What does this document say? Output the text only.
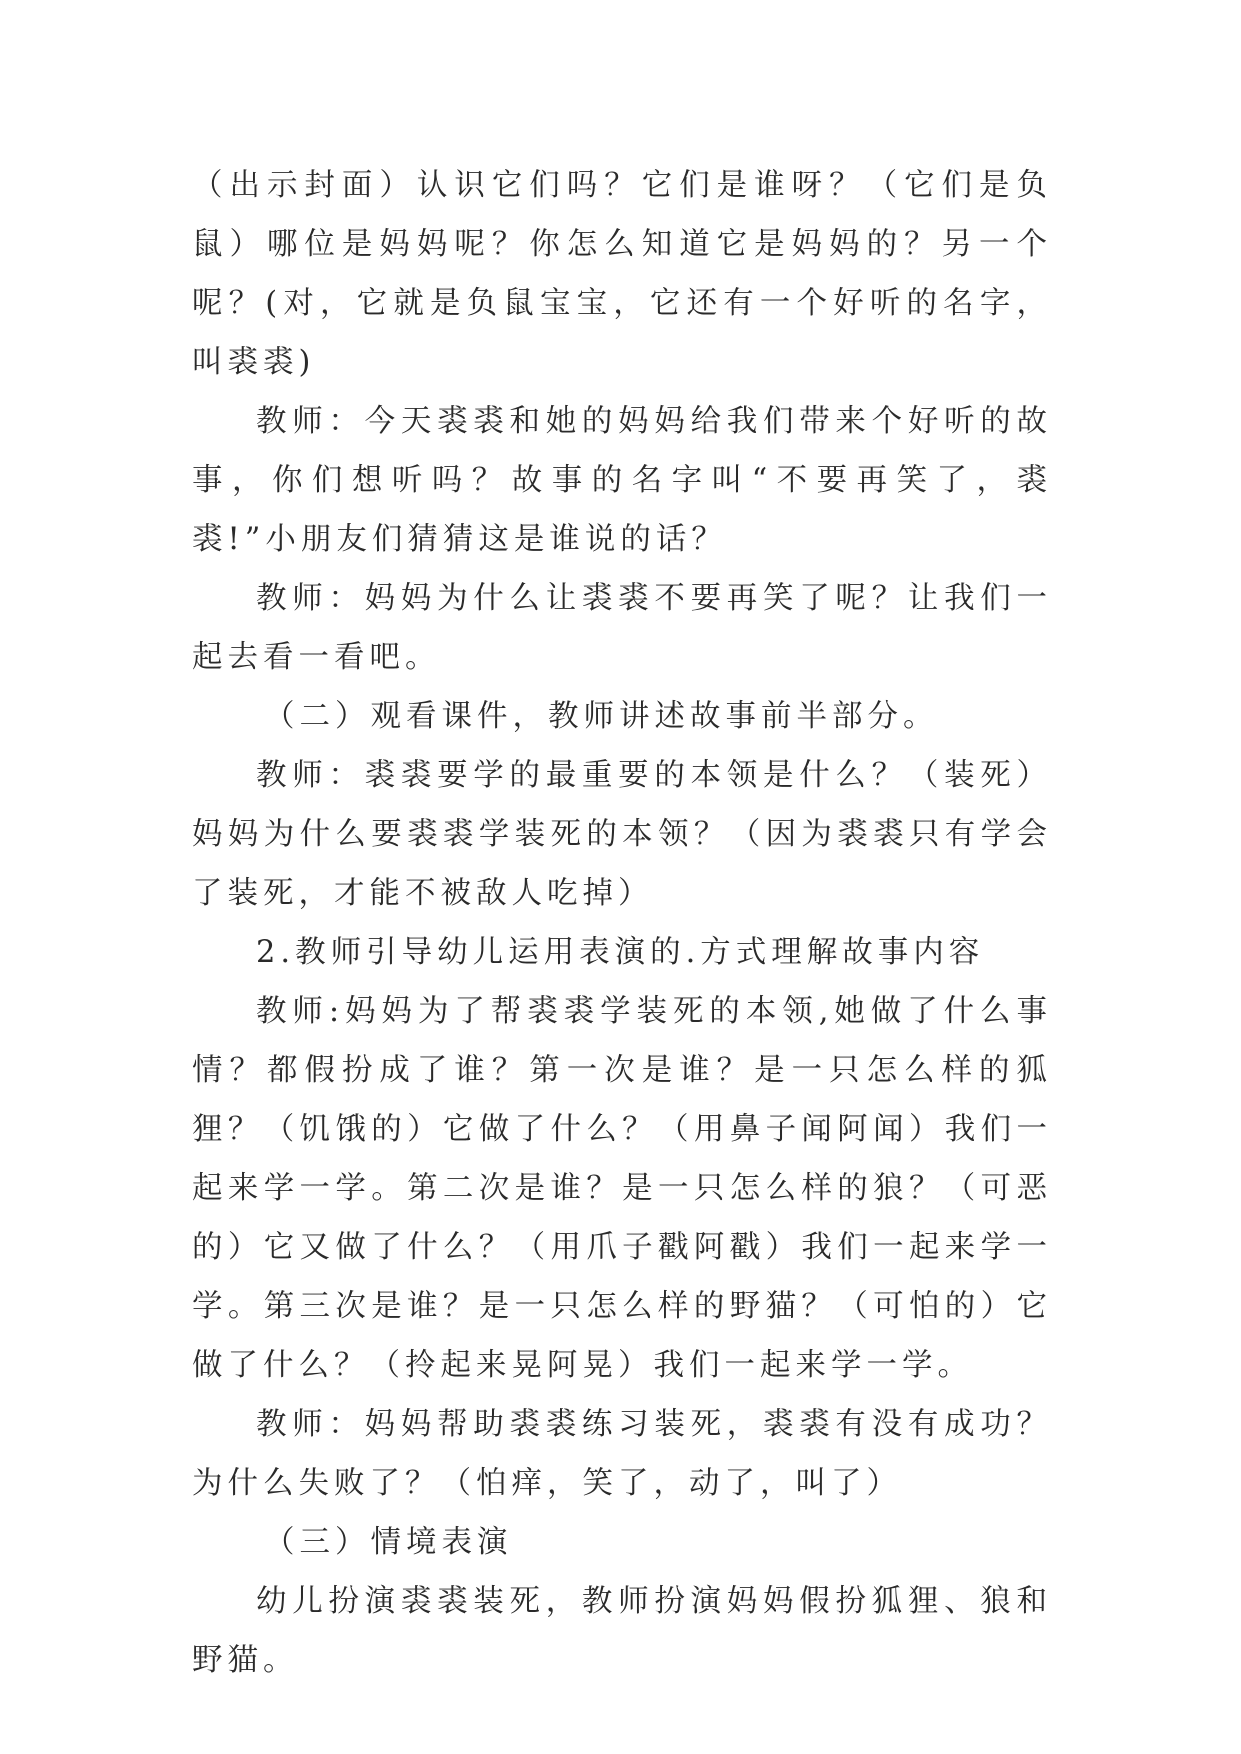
（出示封面）认识它们吗？它们是谁呀？（它们是负鼠）哪位是妈妈呢？你怎么知道它是妈妈的？另一个呢？(对，它就是负鼠宝宝，它还有一个好听的名字，叫裘裘)

教师：今天裘裘和她的妈妈给我们带来个好听的故事，你们想听吗？故事的名字叫“不要再笑了，裘裘!”小朋友们猜猜这是谁说的话？

教师：妈妈为什么让裘裘不要再笑了呢？让我们一起去看一看吧。

（二）观看课件，教师讲述故事前半部分。

教师：裘裘要学的最重要的本领是什么？（装死）妈妈为什么要裘裘学装死的本领？（因为裘裘只有学会了装死，才能不被敌人吃掉）

2.教师引导幼儿运用表演的.方式理解故事内容

教师:妈妈为了帮裘裘学装死的本领,她做了什么事情？都假扮成了谁？第一次是谁？是一只怎么样的狐狸？（饥饿的）它做了什么？（用鼻子闻阿闻）我们一起来学一学。第二次是谁？是一只怎么样的狼？（可恶的）它又做了什么？（用爪子戳阿戳）我们一起来学一学。第三次是谁？是一只怎么样的野猫？（可怕的）它做了什么？（拎起来晃阿晃）我们一起来学一学。

教师：妈妈帮助裘裘练习装死，裘裘有没有成功？为什么失败了？（怕痒，笑了，动了，叫了）

（三）情境表演

幼儿扮演裘裘装死，教师扮演妈妈假扮狐狸、狼和野猫。
